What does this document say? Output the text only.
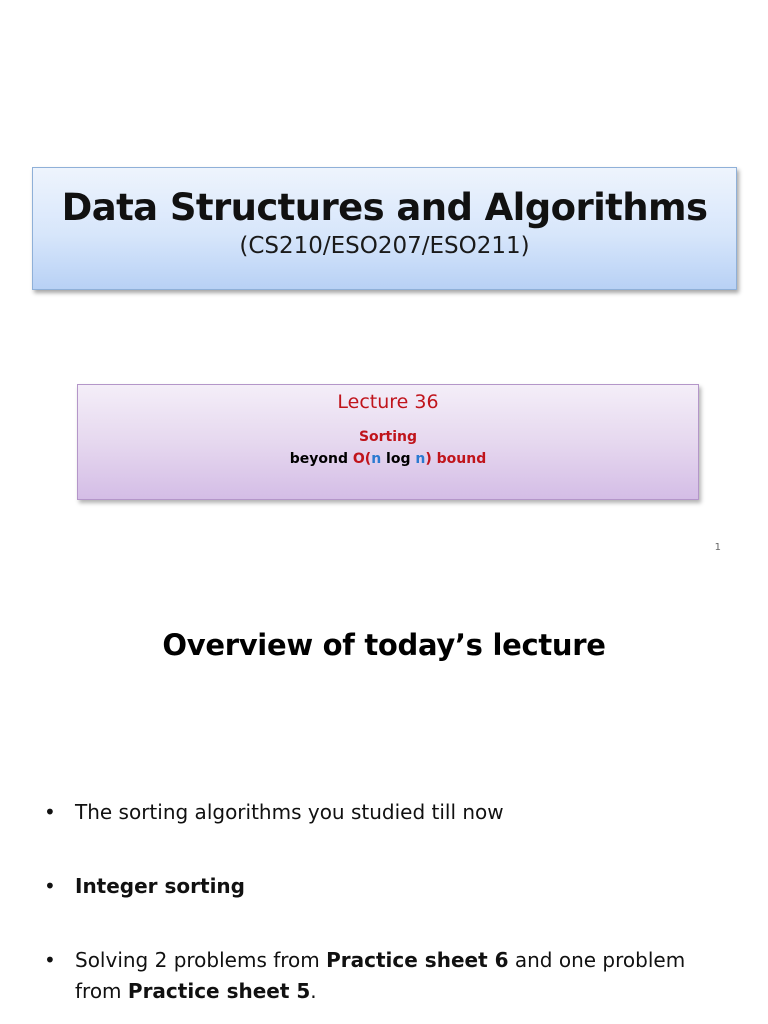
Data Structures and Algorithms
(CS210/ESO207/ESO211)
Lecture 36
Sorting
beyond O(n log n) bound
1
Overview of today’s lecture
• The sorting algorithms you studied till now
• Integer sorting
• Solving 2 problems from Practice sheet 6 and one problem from Practice sheet 5.
